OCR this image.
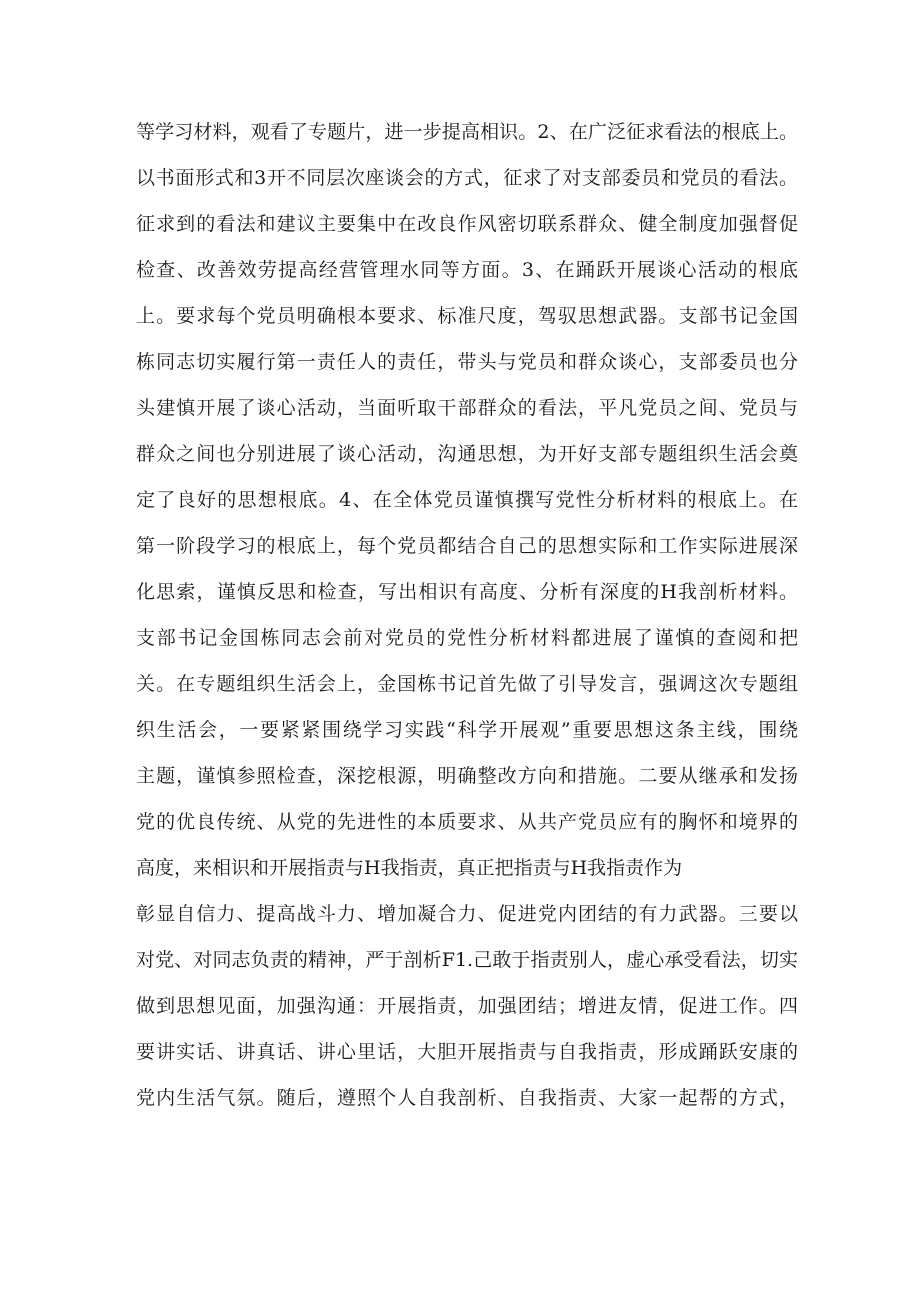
等学习材料，观看了专题片，进一步提高相识。2、在广泛征求看法的根底上。
以书面形式和3开不同层次座谈会的方式，征求了对支部委员和党员的看法。
征求到的看法和建议主要集中在改良作风密切联系群众、健全制度加强督促
检查、改善效劳提高经营管理水同等方面。3、在踊跃开展谈心活动的根底
上。要求每个党员明确根本要求、标准尺度，驾驭思想武器。支部书记金国
栋同志切实履行第一责任人的责任，带头与党员和群众谈心，支部委员也分
头建慎开展了谈心活动，当面听取干部群众的看法，平凡党员之间、党员与
群众之间也分别进展了谈心活动，沟通思想，为开好支部专题组织生活会奠
定了良好的思想根底。4、在全体党员谨慎撰写党性分析材料的根底上。在
第一阶段学习的根底上，每个党员都结合自己的思想实际和工作实际进展深
化思索，谨慎反思和检查，写出相识有高度、分析有深度的H我剖析材料。
支部书记金国栋同志会前对党员的党性分析材料都进展了谨慎的查阅和把
关。在专题组织生活会上，金国栋书记首先做了引导发言，强调这次专题组
织生活会，一要紧紧围绕学习实践“科学开展观”重要思想这条主线，围绕
主题，谨慎参照检查，深挖根源，明确整改方向和措施。二要从继承和发扬
党的优良传统、从党的先进性的本质要求、从共产党员应有的胸怀和境界的
高度，来相识和开展指责与H我指责，真正把指责与H我指责作为
彰显自信力、提高战斗力、增加凝合力、促进党内团结的有力武器。三要以
对党、对同志负责的精神，严于剖析F1.己敢于指责别人，虚心承受看法，切实
做到思想见面，加强沟通：开展指责，加强团结；增进友情，促进工作。四
要讲实话、讲真话、讲心里话，大胆开展指责与自我指责，形成踊跃安康的
党内生活气氛。随后，遵照个人自我剖析、自我指责、大家一起帮的方式，
